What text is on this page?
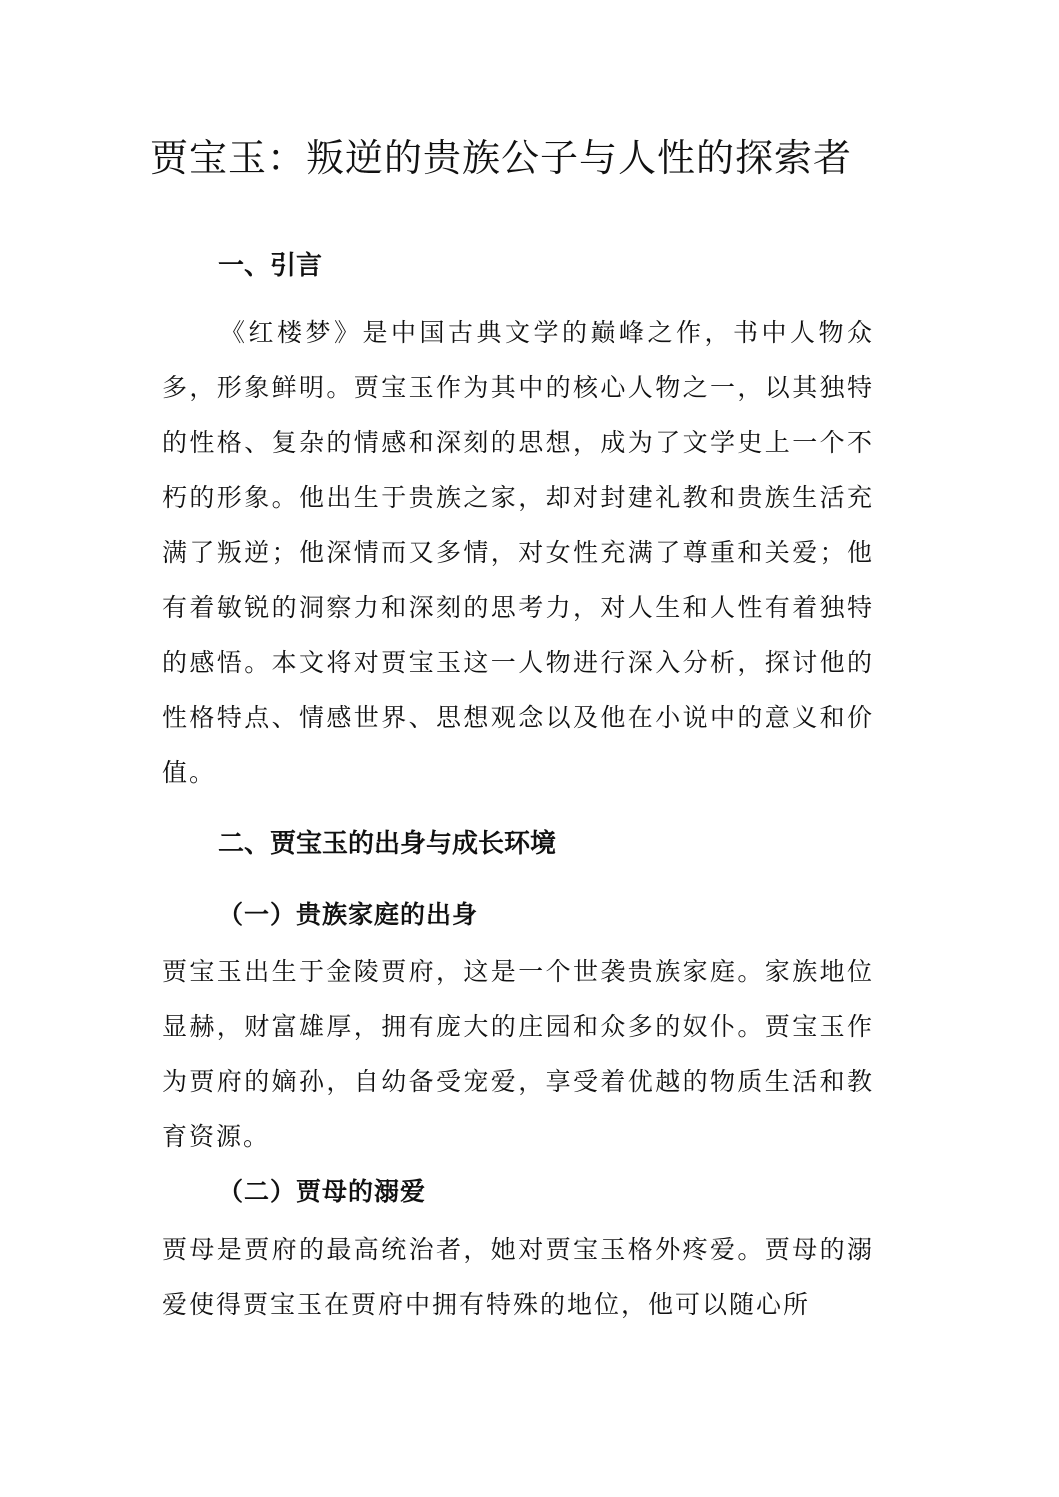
贾宝玉：叛逆的贵族公子与人性的探索者
一、引言

《红楼梦》是中国古典文学的巅峰之作，书中人物众多，形象鲜明。贾宝玉作为其中的核心人物之一，以其独特的性格、复杂的情感和深刻的思想，成为了文学史上一个不朽的形象。他出生于贵族之家，却对封建礼教和贵族生活充满了叛逆；他深情而又多情，对女性充满了尊重和关爱；他有着敏锐的洞察力和深刻的思考力，对人生和人性有着独特的感悟。本文将对贾宝玉这一人物进行深入分析，探讨他的性格特点、情感世界、思想观念以及他在小说中的意义和价值。

二、贾宝玉的出身与成长环境
（一）贵族家庭的出身

贾宝玉出生于金陵贾府，这是一个世袭贵族家庭。家族地位显赫，财富雄厚，拥有庞大的庄园和众多的奴仆。贾宝玉作为贾府的嫡孙，自幼备受宠爱，享受着优越的物质生活和教育资源。

（二）贾母的溺爱

贾母是贾府的最高统治者，她对贾宝玉格外疼爱。贾母的溺爱使得贾宝玉在贾府中拥有特殊的地位，他可以随心所
